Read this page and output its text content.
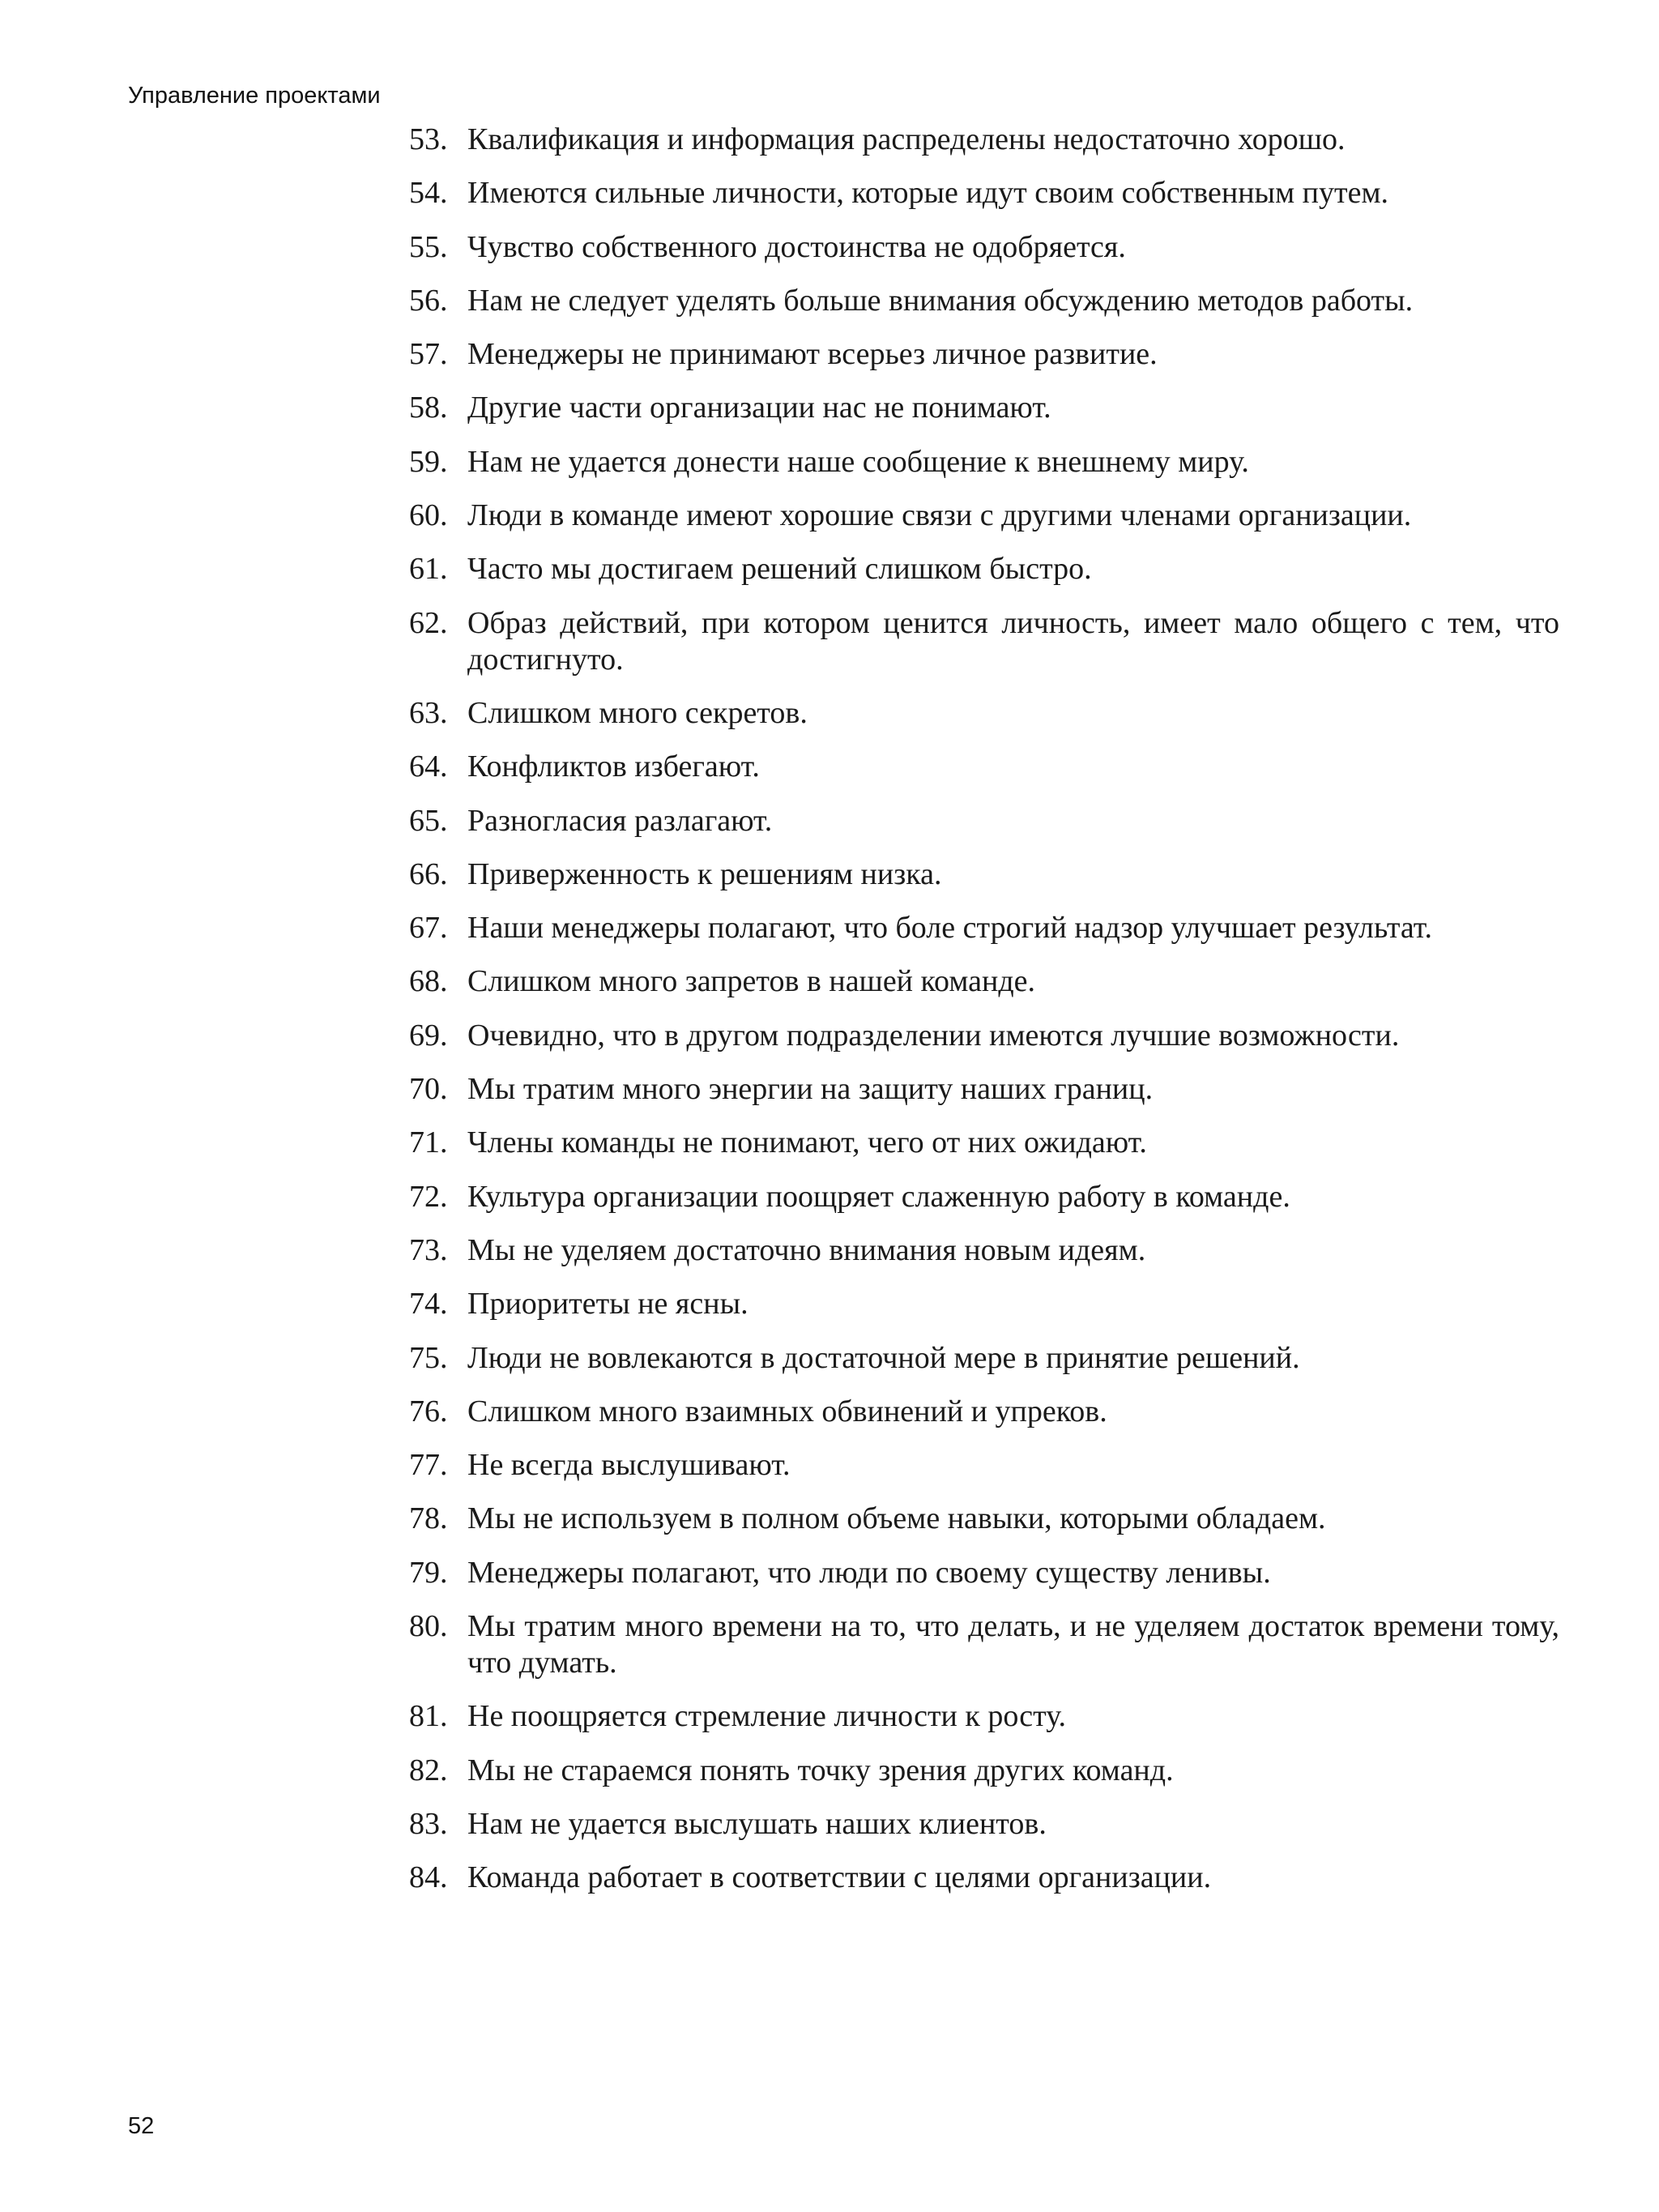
Управление проектами
53. Квалификация и информация распределены недостаточно хорошо.
54. Имеются сильные личности, которые идут своим собственным путем.
55. Чувство собственного достоинства не одобряется.
56. Нам не следует уделять больше внимания обсуждению методов работы.
57. Менеджеры не принимают всерьез личное развитие.
58. Другие части организации нас не понимают.
59. Нам не удается донести наше сообщение к внешнему миру.
60. Люди в команде имеют хорошие связи с другими членами организации.
61. Часто мы достигаем решений слишком быстро.
62. Образ действий, при котором ценится личность, имеет мало общего с тем, что достигнуто.
63. Слишком много секретов.
64. Конфликтов избегают.
65. Разногласия разлагают.
66. Приверженность к решениям низка.
67. Наши менеджеры полагают, что боле строгий надзор улучшает результат.
68. Слишком много запретов в нашей команде.
69. Очевидно, что в другом подразделении имеются лучшие возможности.
70. Мы тратим много энергии на защиту наших границ.
71. Члены команды не понимают, чего от них ожидают.
72. Культура организации поощряет слаженную работу в команде.
73. Мы не уделяем достаточно внимания новым идеям.
74. Приоритеты не ясны.
75. Люди не вовлекаются в достаточной мере в принятие решений.
76. Слишком много взаимных обвинений и упреков.
77. Не всегда выслушивают.
78. Мы не используем в полном объеме навыки, которыми обладаем.
79. Менеджеры полагают, что люди по своему существу ленивы.
80. Мы тратим много времени на то, что делать, и не уделяем достаток времени тому, что думать.
81. Не поощряется стремление личности к росту.
82. Мы не стараемся понять точку зрения других команд.
83. Нам не удается выслушать наших клиентов.
84. Команда работает в соответствии с целями организации.
52
